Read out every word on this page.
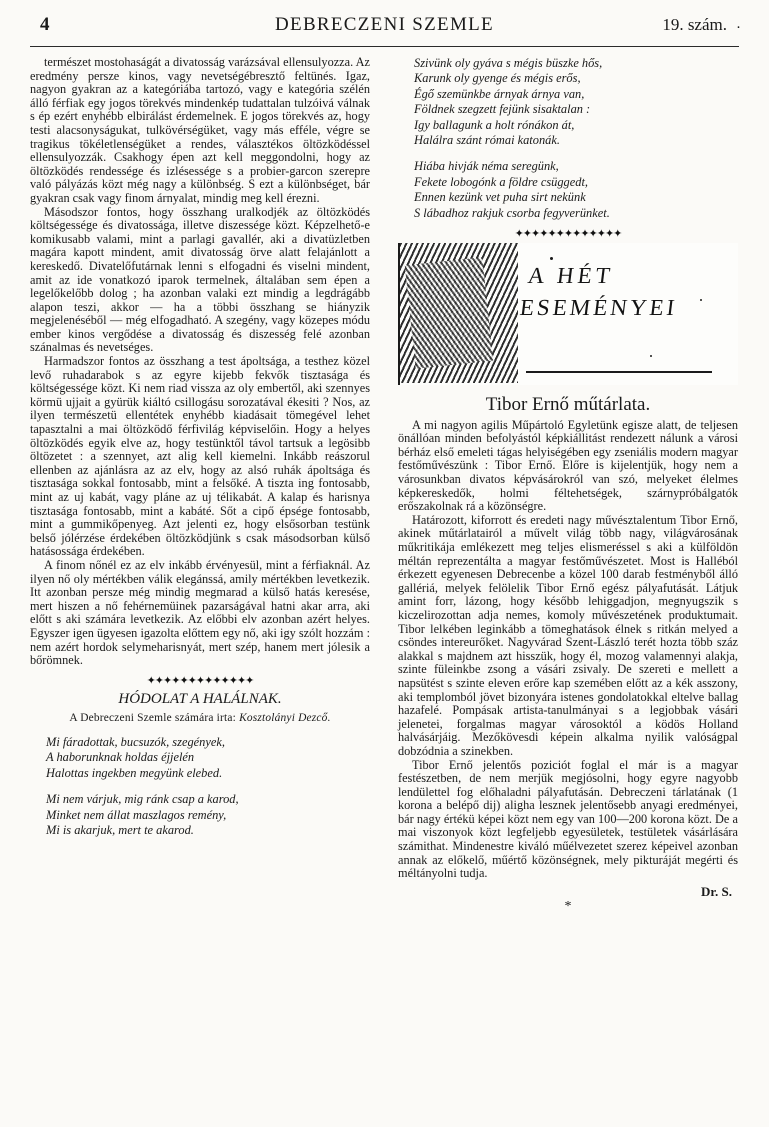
4	DEBRECZENI SZEMLE	19. szám. ·

természet mostohaságát a divatosság varázsával ellensulyozza. Az eredmény persze kinos, vagy nevetségébresztő feltünés. Igaz, nagyon gyakran az a kategóriába tartozó, vagy e kategória szélén álló férfiak egy jogos törekvés mindenkép tudattalan tulzóivá válnak s ép ezért enyhébb elbirálást érdemelnek. E jogos törekvés az, hogy testi alacsonyságukat, tulkövérségüket, vagy más efféle, végre se tragikus tökéletlenségüket a rendes, választékos öltözködéssel ellensulyozzák. Csakhogy épen azt kell meggondolni, hogy az öltözködés rendessége és izlésessége s a probier-garcon szerepre való pályázás közt még nagy a különbség. S ezt a különbséget, bár gyakran csak vagy finom árnyalat, mindig meg kell érezni.

Másodszor fontos, hogy összhang uralkodjék az öltözködés költségessége és divatossága, illetve diszessége közt. Képzelhető-e komikusabb valami, mint a parlagi gavallér, aki a divatüzletben magára kapott mindent, amit divatosság örve alatt felajánlott a kereskedő. Divatelőfutárnak lenni s elfogadni és viselni mindent, amit az ide vonatkozó iparok termelnek, általában sem épen a legelőkelőbb dolog ; ha azonban valaki ezt mindig a legdrágább alapon teszi, akkor — ha a többi összhang se hiányzik megjelenéséből — még elfogadható. A szegény, vagy közepes módu ember kinos vergődése a divatosság és diszesség felé azonban szánalmas és nevetséges.

Harmadszor fontos az összhang a test ápoltsága, a testhez közel levő ruhadarabok s az egyre kijebb fekvők tisztasága és költségessége közt. Ki nem riad vissza az oly embertől, aki szennyes körmü ujjait a gyürük kiáltó csillogásu sorozatával ékesiti ? Nos, az ilyen természetü ellentétek enyhébb kiadásait tömegével lehet tapasztalni a mai öltözködő férfivilág képviselőin. Hogy a helyes öltözködés egyik elve az, hogy testünktől távol tartsuk a legösibb öltözetet : a szennyet, azt alig kell kiemelni. Inkább reászorul ellenben az ajánlásra az az elv, hogy az alsó ruhák ápoltsága és tisztasága sokkal fontosabb, mint a felsőké. A tiszta ing fontosabb, mint az uj kabát, vagy pláne az uj télikabát. A kalap és harisnya tisztasága fontosabb, mint a kabáté. Sőt a cipő épsége fontosabb, mint a gummikőpenyeg. Azt jelenti ez, hogy elsősorban testünk belső jólérzése érdekében öltözködjünk s csak másodsorban külső hatásossága érdekében.

A finom nőnél ez az elv inkább érvényesül, mint a férfiaknál. Az ilyen nő oly mértékben válik elegánssá, amily mértékben levetkezik. Itt azonban persze még mindig megmarad a külső hatás keresése, mert hiszen a nő fehérnemüinek pazarságával hatni akar arra, aki előtt s aki számára levetkezik. Az előbbi elv azonban azért helyes. Egyszer igen ügyesen igazolta előttem egy nő, aki igy szólt hozzám : nem azért hordok selymeharisnyát, mert szép, hanem mert jólesik a bőrömnek.

✦✦✦✦✦✦✦✦✦✦✦✦✦
HÓDOLAT A HALÁLNAK.
A Debreczeni Szemle számára irta: Kosztolányi Dezcő.
Mi fáradottak, bucsuzók, szegények,
A haborunknak holdas éjjelén
Halottas ingekben megyünk elebed.
Mi nem várjuk, mig ránk csap a karod,
Minket nem állat maszlagos remény,
Mi is akarjuk, mert te akarod.
Szivünk oly gyáva s mégis büszke hős,
Karunk oly gyenge és mégis erős,
Égő szemünkbe árnyak árnya van,
Földnek szegzett fejünk sisaktalan :
Igy ballagunk a holt rónákon át,
Halálra szánt római katonák.
Hiába hivják néma seregünk,
Fekete lobogónk a földre csüggedt,
Ennen kezünk vet puha sirt nekünk
S lábadhoz rakjuk csorba fegyverünket.
✦✦✦✦✦✦✦✦✦✦✦✦✦
A HÉT
ESEMÉNYEI
Tibor Ernő műtárlata.

A mi nagyon agilis Műpártoló Egyletünk egisze alatt, de teljesen önállóan minden befolyástól képkiállitást rendezett nálunk a városi bérház első emeleti tágas helyiségében egy zseniális modern magyar festőművészünk : Tibor Ernő. Előre is kijelentjük, hogy nem a városunkban divatos képvásárokról van szó, melyeket élelmes képkereskedők, holmi féltehetségek, szárnypróbálgatók erőszakolnak rá a közönségre.

Határozott, kiforrott és eredeti nagy művésztalentum Tibor Ernő, akinek műtárlatairól a művelt világ több nagy, világvárosának műkritikája emlékezett meg teljes elismeréssel s aki a külföldön méltán reprezentálta a magyar festőművészetet. Most is Halléból érkezett egyenesen Debrecenbe a közel 100 darab festményből álló gallériá, melyek felölelik Tibor Ernő egész pályafutását. Látjuk amint forr, lázong, hogy később lehiggadjon, megnyugszik s kiczelirozottan adja nemes, komoly művészetének produktumait. Tibor lelkében leginkább a tömeghatások élnek s ritkán melyed a csöndes intereurőket. Nagyvárad Szent-László terét hozta több száz alakkal s majdnem azt hisszük, hogy él, mozog valamennyi alakja, szinte füleinkbe zsong a vásári zsivaly. De szereti e mellett a napsütést s szinte eleven erőre kap szemében előtt az a kék asszony, aki templomból jövet bizonyára istenes gondolatokkal eltelve ballag hazafelé. Pompásak artista-tanulmányai s a legjobbak vásári jelenetei, forgalmas magyar városoktól a ködös Holland halvásárjáig. Mezőkövesdi képein alkalma nyilik valóságpal dobzódnia a szinekben.

Tibor Ernő jelentős poziciót foglal el már is a magyar festészetben, de nem merjük megjósolni, hogy egyre nagyobb lendülettel fog előhaladni pályafutásán. Debreczeni tárlatának (1 korona a belépő dij) aligha lesznek jelentősebb anyagi eredményei, bár nagy értékü képei közt nem egy van 100—200 korona közt. De a mai viszonyok közt legfeljebb egyesületek, testületek vásárlására számithat. Mindenestre kiváló műélvezetet szerez képeivel azonban annak az előkelő, műértő közönségnek, mely pikturáját megérti és méltányolni tudja.

Dr. S.
*
